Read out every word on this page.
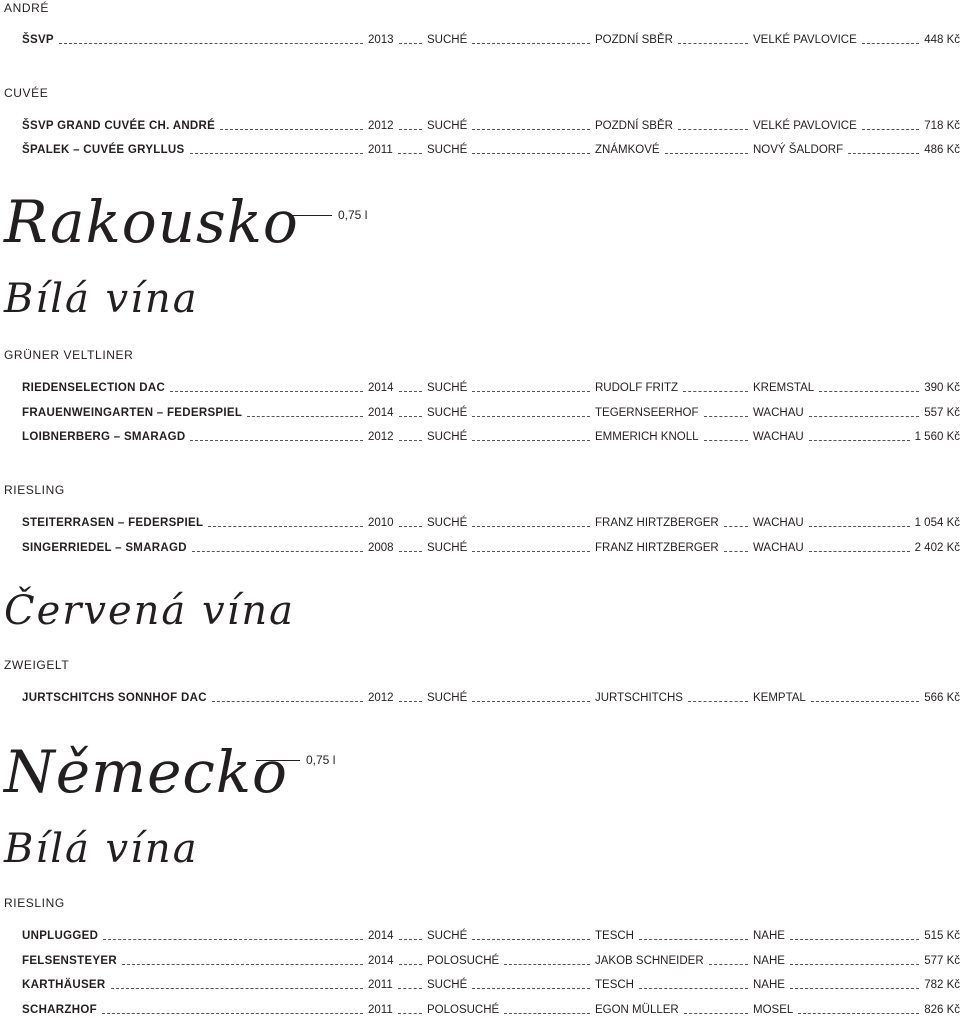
ANDRÉ
ŠSVP	2013	SUCHÉ	POZDNÍ SBĚR	VELKÉ PAVLOVICE	448 Kč
CUVÉE
ŠSVP GRAND CUVÉE CH. ANDRÉ	2012	SUCHÉ	POZDNÍ SBĚR	VELKÉ PAVLOVICE	718 Kč
ŠPALEK – CUVÉE GRYLLUS	2011	SUCHÉ	ZNÁMKOVÉ	NOVÝ ŠALDORF	486 Kč
Rakousko	0,75 l
Bílá vína
GRÜNER VELTLINER
RIEDENSELECTION DAC	2014	SUCHÉ	RUDOLF FRITZ	KREMSTAL	390 Kč
FRAUENWEINGARTEN – FEDERSPIEL	2014	SUCHÉ	TEGERNSEERHOF	WACHAU	557 Kč
LOIBNERBERG – SMARAGD	2012	SUCHÉ	EMMERICH KNOLL	WACHAU	1 560 Kč
RIESLING
STEITERRASEN – FEDERSPIEL	2010	SUCHÉ	FRANZ HIRTZBERGER	WACHAU	1 054 Kč
SINGERRIEDEL – SMARAGD	2008	SUCHÉ	FRANZ HIRTZBERGER	WACHAU	2 402 Kč
Červená vína
ZWEIGELT
JURTSCHITCHS SONNHOF DAC	2012	SUCHÉ	JURTSCHITCHS	KEMPTAL	566 Kč
Německo 0,75 l
Bílá vína
RIESLING
UNPLUGGED	2014	SUCHÉ	TESCH	NAHE	515 Kč
FELSENSTEYER	2014	POLOSUCHÉ	JAKOB SCHNEIDER	NAHE	577 Kč
KARTHÄUSER	2011	SUCHÉ	TESCH	NAHE	782 Kč
SCHARZHOF	2011	POLOSUCHÉ	EGON MÜLLER	MOSEL	826 Kč
